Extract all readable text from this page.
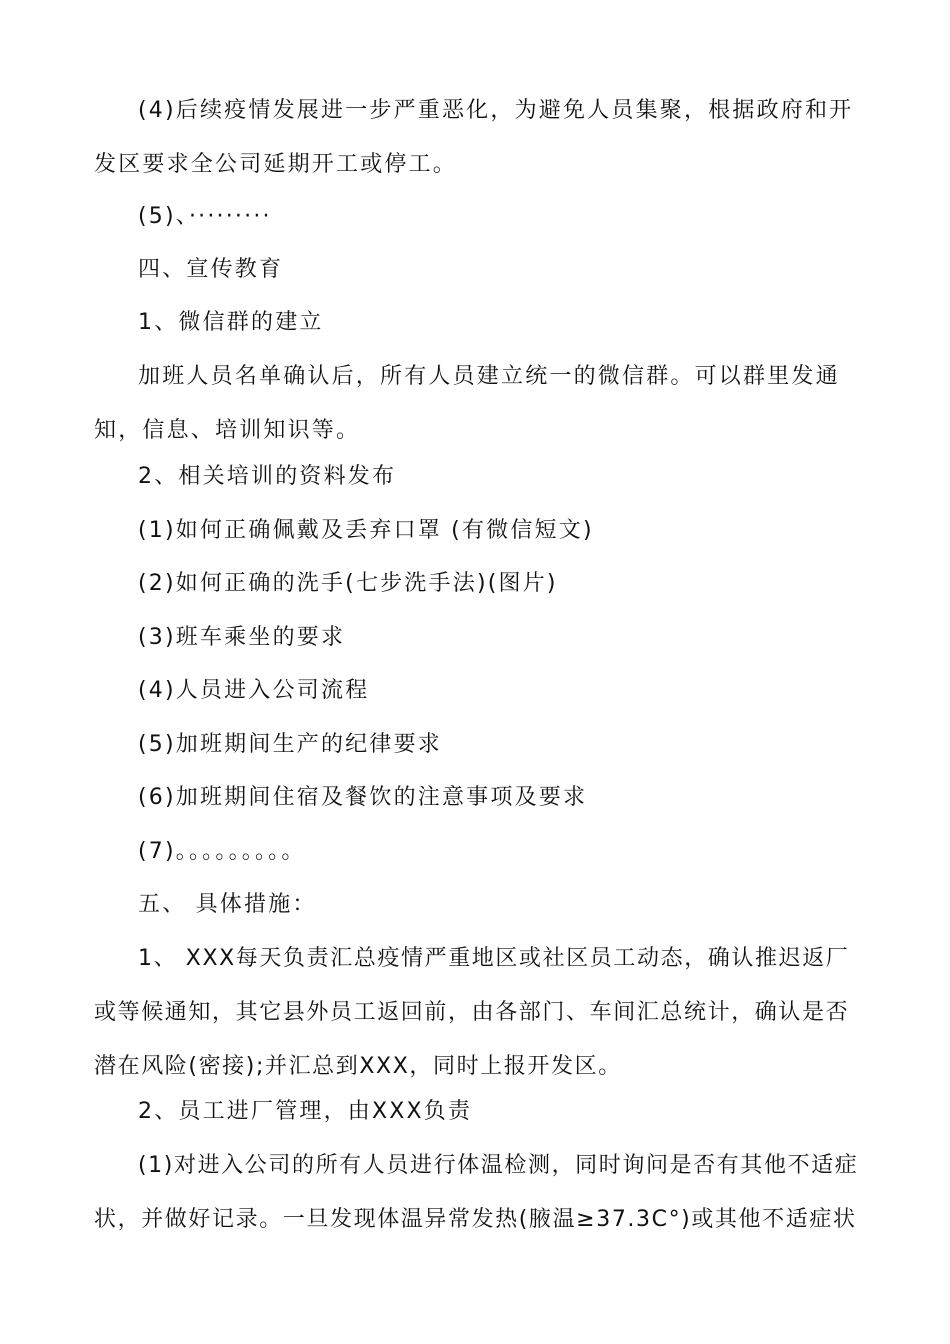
(4)后续疫情发展进一步严重恶化，为避免人员集聚，根据政府和开发区要求全公司延期开工或停工。

(5)、·········

四、宣传教育

1、微信群的建立

加班人员名单确认后，所有人员建立统一的微信群。可以群里发通知，信息、培训知识等。

2、相关培训的资料发布

(1)如何正确佩戴及丢弃口罩 (有微信短文)

(2)如何正确的洗手(七步洗手法)(图片)

(3)班车乘坐的要求

(4)人员进入公司流程

(5)加班期间生产的纪律要求

(6)加班期间住宿及餐饮的注意事项及要求

(7)。。。。。。。。。

五、 具体措施：

1、 XXX每天负责汇总疫情严重地区或社区员工动态，确认推迟返厂或等候通知，其它县外员工返回前，由各部门、车间汇总统计，确认是否潜在风险(密接);并汇总到XXX，同时上报开发区。

2、员工进厂管理，由XXX负责

(1)对进入公司的所有人员进行体温检测，同时询问是否有其他不适症状，并做好记录。一旦发现体温异常发热(腋温≥37.3C°)或其他不适症状
